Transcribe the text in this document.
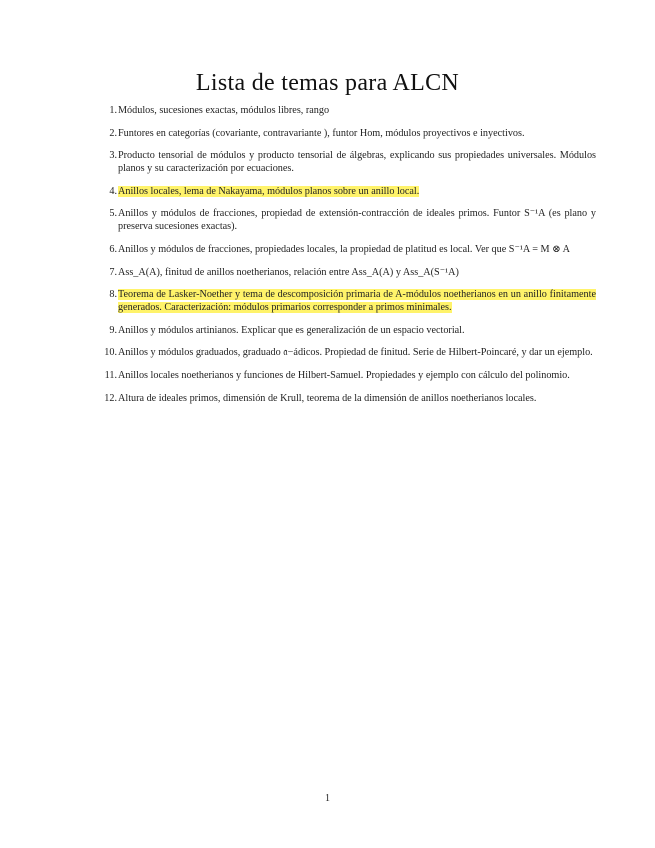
Lista de temas para ALCN
1. Módulos, sucesiones exactas, módulos libres, rango
2. Funtores en categorías (covariante, contravariante ), funtor Hom, módulos proyectivos e inyectivos.
3. Producto tensorial de módulos y producto tensorial de álgebras, explicando sus propiedades universales. Módulos planos y su caracterización por ecuaciones.
4. Anillos locales, lema de Nakayama, módulos planos sobre un anillo local.
5. Anillos y módulos de fracciones, propiedad de extensión-contracción de ideales primos. Funtor S⁻¹A (es plano y preserva sucesiones exactas).
6. Anillos y módulos de fracciones, propiedades locales, la propiedad de platitud es local. Ver que S⁻¹A = M ⊗ A
7. Ass_A(A), finitud de anillos noetherianos, relación entre Ass_A(A) y Ass_A(S⁻¹A)
8. Teorema de Lasker-Noether y tema de descomposición primaria de A-módulos noetherianos en un anillo finitamente generados. Caracterización: módulos primarios corresponder a primos minimales.
9. Anillos y módulos artinianos. Explicar que es generalización de un espacio vectorial.
10. Anillos y módulos graduados, graduado 𝔞−ádicos. Propiedad de finitud. Serie de Hilbert-Poincaré, y dar un ejemplo.
11. Anillos locales noetherianos y funciones de Hilbert-Samuel. Propiedades y ejemplo con cálculo del polinomio.
12. Altura de ideales primos, dimensión de Krull, teorema de la dimensión de anillos noetherianos locales.
1
